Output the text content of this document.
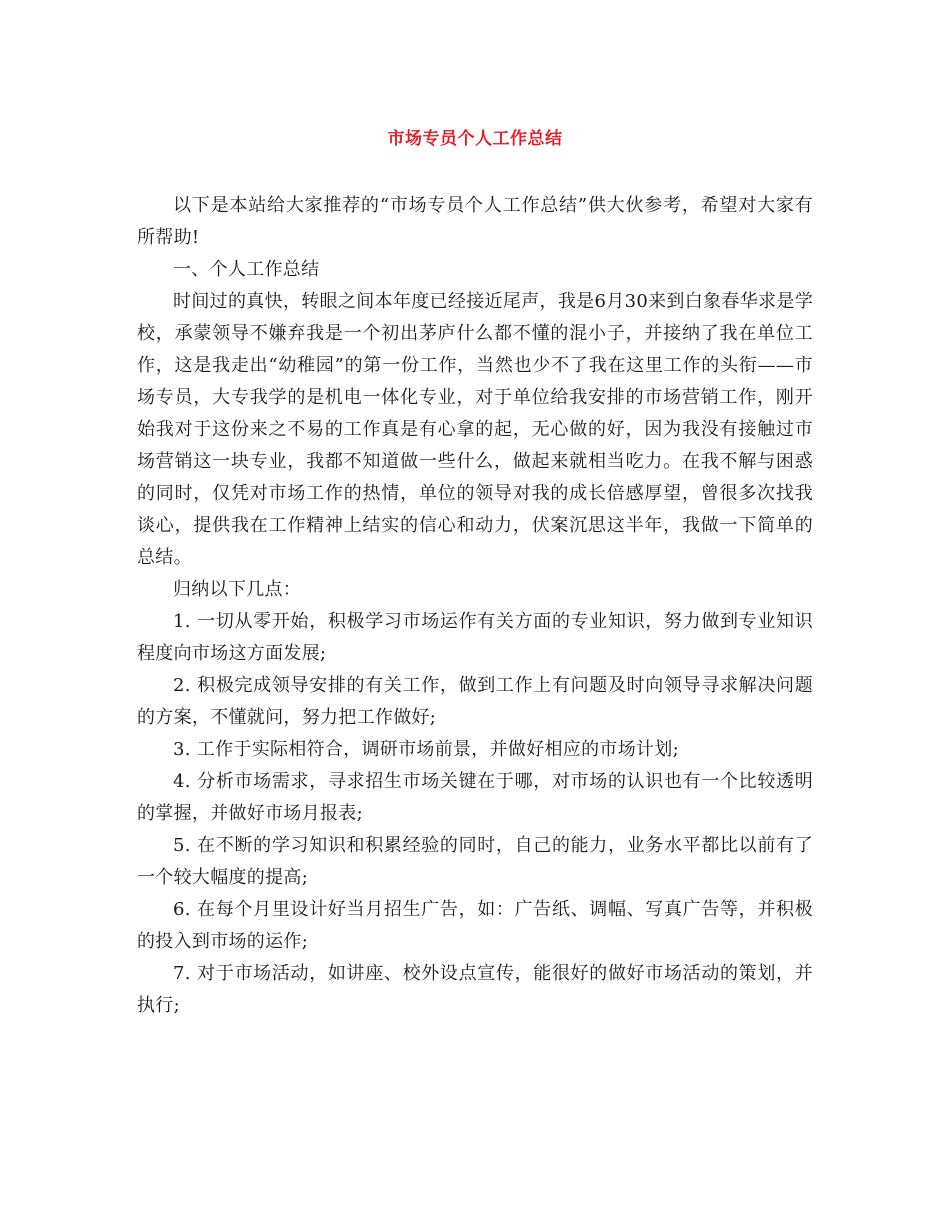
市场专员个人工作总结

以下是本站给大家推荐的“市场专员个人工作总结”供大伙参考，希望对大家有所帮助!

一、个人工作总结

时间过的真快，转眼之间本年度已经接近尾声，我是6月30来到白象春华求是学校，承蒙领导不嫌弃我是一个初出茅庐什么都不懂的混小子，并接纳了我在单位工作，这是我走出“幼稚园”的第一份工作，当然也少不了我在这里工作的头衔——市场专员，大专我学的是机电一体化专业，对于单位给我安排的市场营销工作，刚开始我对于这份来之不易的工作真是有心拿的起，无心做的好，因为我没有接触过市场营销这一块专业，我都不知道做一些什么，做起来就相当吃力。在我不解与困惑的同时，仅凭对市场工作的热情，单位的领导对我的成长倍感厚望，曾很多次找我谈心，提供我在工作精神上结实的信心和动力，伏案沉思这半年，我做一下简单的总结。

归纳以下几点：

1. 一切从零开始，积极学习市场运作有关方面的专业知识，努力做到专业知识程度向市场这方面发展;

2. 积极完成领导安排的有关工作，做到工作上有问题及时向领导寻求解决问题的方案，不懂就问，努力把工作做好;

3. 工作于实际相符合，调研市场前景，并做好相应的市场计划;

4. 分析市场需求，寻求招生市场关键在于哪，对市场的认识也有一个比较透明的掌握，并做好市场月报表;

5. 在不断的学习知识和积累经验的同时，自己的能力，业务水平都比以前有了一个较大幅度的提高;

6. 在每个月里设计好当月招生广告，如：广告纸、调幅、写真广告等，并积极的投入到市场的运作;

7. 对于市场活动，如讲座、校外设点宣传，能很好的做好市场活动的策划，并执行;
